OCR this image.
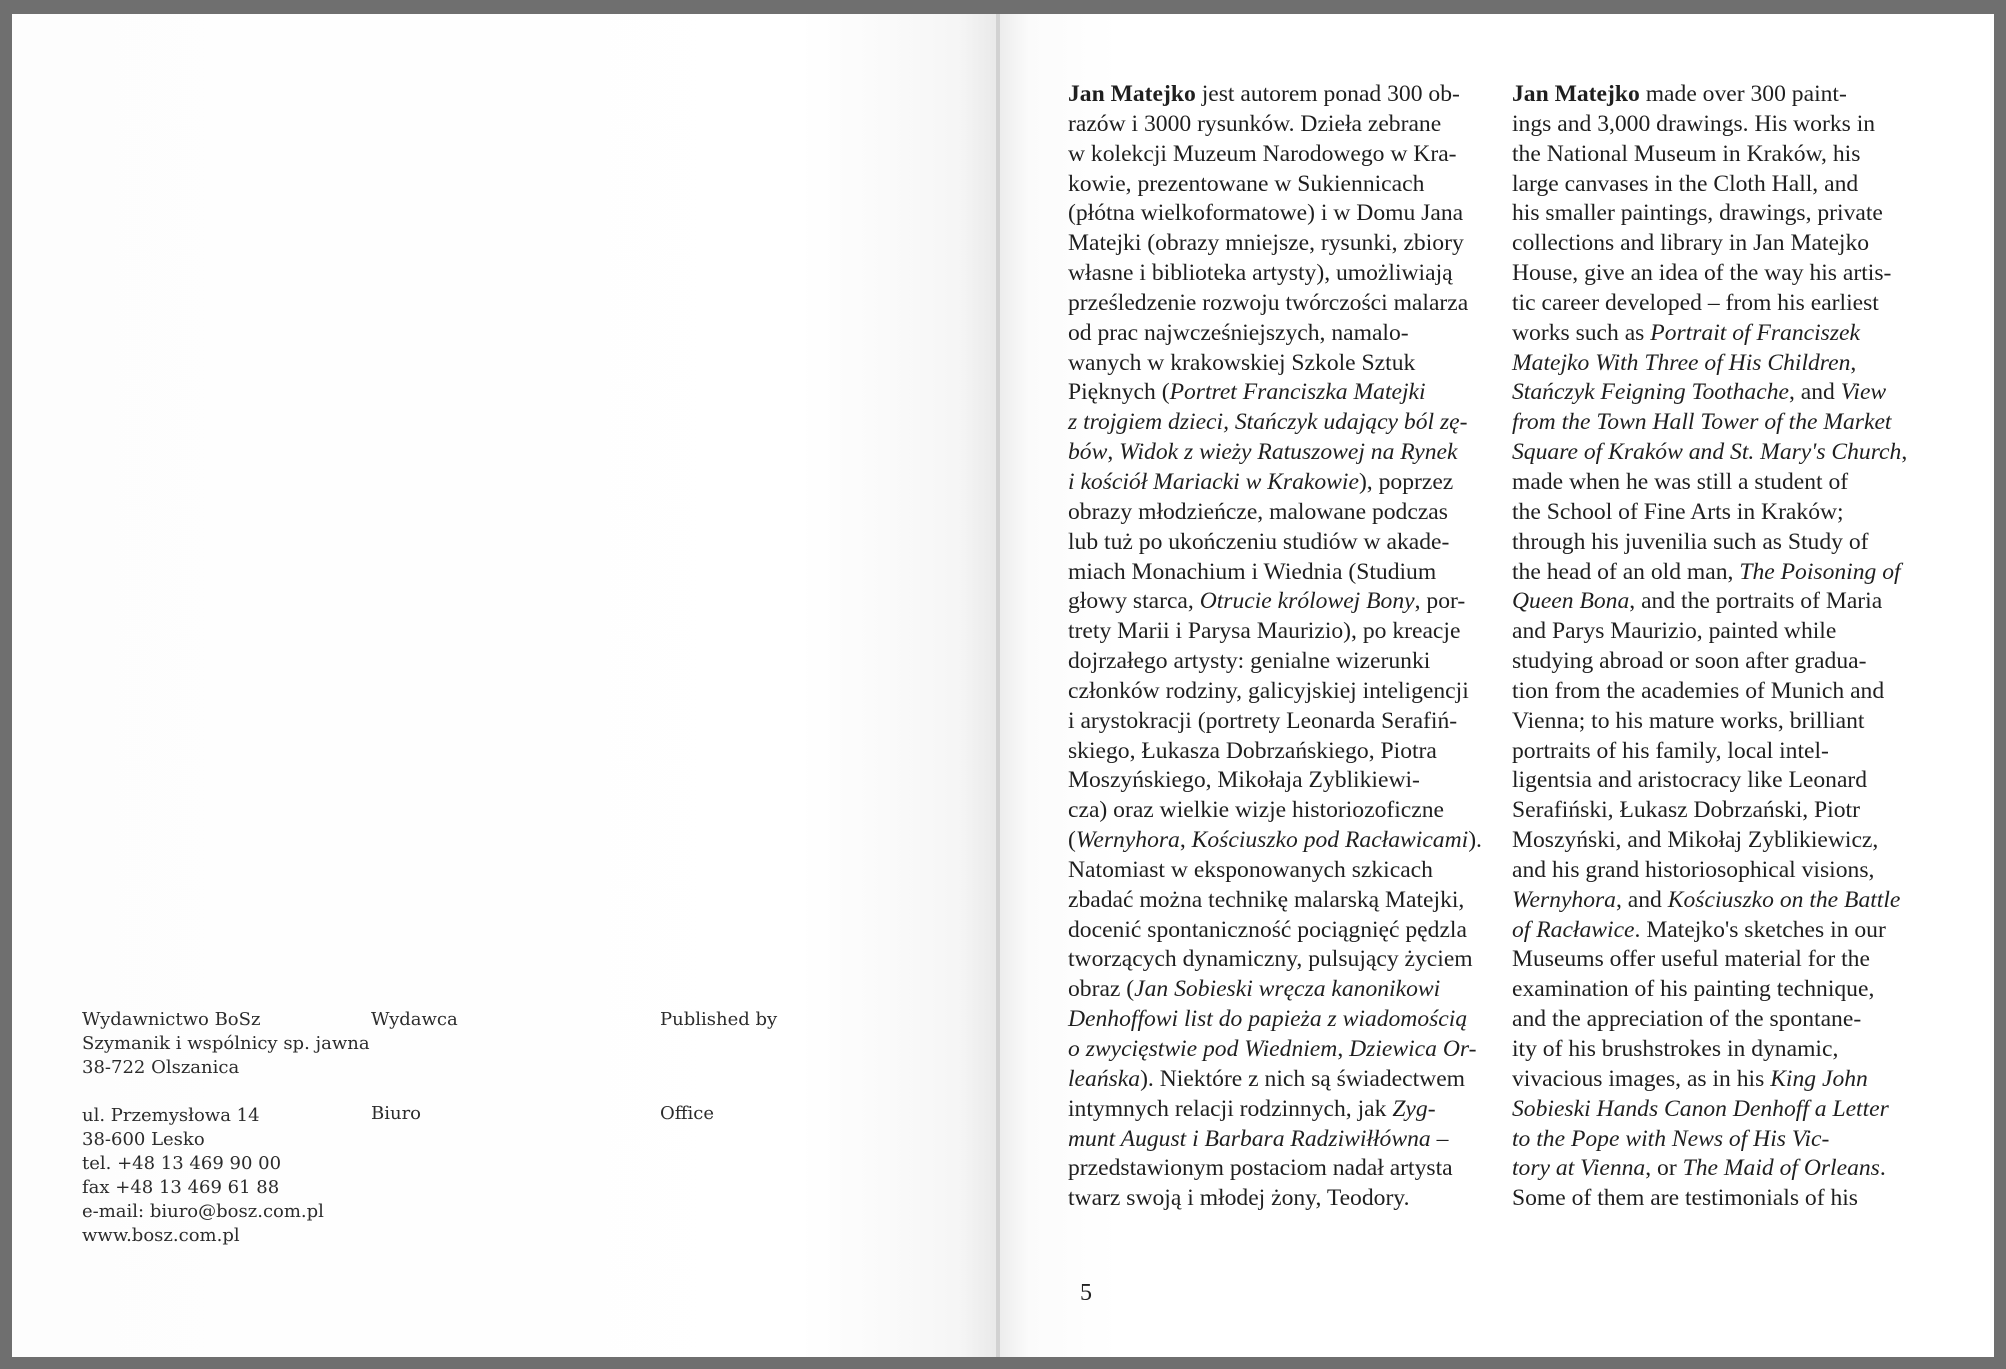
Wydawnictwo BoSz
Szymanik i wspólnicy sp. jawna
38-722 Olszanica
ul. Przemysłowa 14
38-600 Lesko
tel. +48 13 469 90 00
fax +48 13 469 61 88
e-mail: biuro@bosz.com.pl
www.bosz.com.pl
Wydawca
Biuro
Published by
Office
Jan Matejko jest autorem ponad 300 ob-
razów i 3000 rysunków. Dzieła zebrane
w kolekcji Muzeum Narodowego w Kra-
kowie, prezentowane w Sukiennicach
(płótna wielkoformatowe) i w Domu Jana
Matejki (obrazy mniejsze, rysunki, zbiory
własne i biblioteka artysty), umożliwiają
prześledzenie rozwoju twórczości malarza
od prac najwcześniejszych, namalo-
wanych w krakowskiej Szkole Sztuk
Pięknych (Portret Franciszka Matejki
z trojgiem dzieci, Stańczyk udający ból zę-
bów, Widok z wieży Ratuszowej na Rynek
i kościół Mariacki w Krakowie), poprzez
obrazy młodzieńcze, malowane podczas
lub tuż po ukończeniu studiów w akade-
miach Monachium i Wiednia (Studium
głowy starca, Otrucie królowej Bony, por-
trety Marii i Parysa Maurizio), po kreacje
dojrzałego artysty: genialne wizerunki
członków rodziny, galicyjskiej inteligencji
i arystokracji (portrety Leonarda Serafiń-
skiego, Łukasza Dobrzańskiego, Piotra
Moszyńskiego, Mikołaja Zyblikiewi-
cza) oraz wielkie wizje historiozoficzne
(Wernyhora, Kościuszko pod Racławicami).
Natomiast w eksponowanych szkicach
zbadać można technikę malarską Matejki,
docenić spontaniczność pociągnięć pędzla
tworzących dynamiczny, pulsujący życiem
obraz (Jan Sobieski wręcza kanonikowi
Denhoffowi list do papieża z wiadomością
o zwycięstwie pod Wiedniem, Dziewica Or-
leańska). Niektóre z nich są świadectwem
intymnych relacji rodzinnych, jak Zyg-
munt August i Barbara Radziwiłłówna –
przedstawionym postaciom nadał artysta
twarz swoją i młodej żony, Teodory.
Jan Matejko made over 300 paint-
ings and 3,000 drawings. His works in
the National Museum in Kraków, his
large canvases in the Cloth Hall, and
his smaller paintings, drawings, private
collections and library in Jan Matejko
House, give an idea of the way his artis-
tic career developed – from his earliest
works such as Portrait of Franciszek
Matejko With Three of His Children,
Stańczyk Feigning Toothache, and View
from the Town Hall Tower of the Market
Square of Kraków and St. Mary's Church,
made when he was still a student of
the School of Fine Arts in Kraków;
through his juvenilia such as Study of
the head of an old man, The Poisoning of
Queen Bona, and the portraits of Maria
and Parys Maurizio, painted while
studying abroad or soon after gradua-
tion from the academies of Munich and
Vienna; to his mature works, brilliant
portraits of his family, local intel-
ligentsia and aristocracy like Leonard
Serafiński, Łukasz Dobrzański, Piotr
Moszyński, and Mikołaj Zyblikiewicz,
and his grand historiosophical visions,
Wernyhora, and Kościuszko on the Battle
of Racławice. Matejko's sketches in our
Museums offer useful material for the
examination of his painting technique,
and the appreciation of the spontane-
ity of his brushstrokes in dynamic,
vivacious images, as in his King John
Sobieski Hands Canon Denhoff a Letter
to the Pope with News of His Vic-
tory at Vienna, or The Maid of Orleans.
Some of them are testimonials of his
5
